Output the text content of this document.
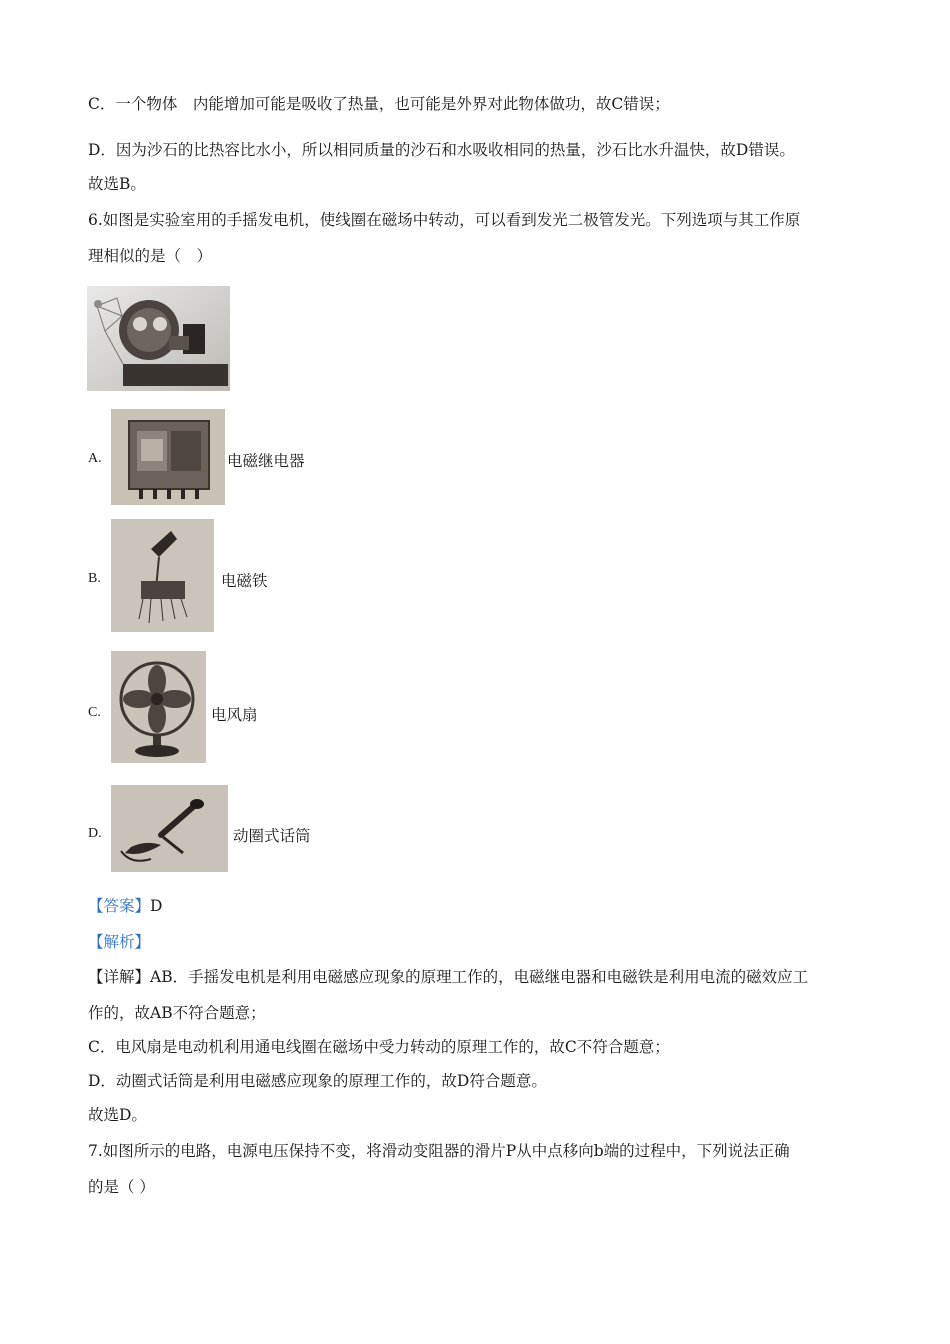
C．一个物体　内能增加可能是吸收了热量，也可能是外界对此物体做功，故C错误；
D．因为沙石的比热容比水小，所以相同质量的沙石和水吸收相同的热量，沙石比水升温快，故D错误。
故选B。
6.如图是实验室用的手摇发电机，使线圈在磁场中转动，可以看到发光二极管发光。下列选项与其工作原
理相似的是（　）
A.	电磁继电器
B.	电磁铁
C.	电风扇
D.	动圈式话筒
【答案】D
【解析】
【详解】AB．手摇发电机是利用电磁感应现象的原理工作的，电磁继电器和电磁铁是利用电流的磁效应工
作的，故AB不符合题意；
C．电风扇是电动机利用通电线圈在磁场中受力转动的原理工作的，故C不符合题意；
D．动圈式话筒是利用电磁感应现象的原理工作的，故D符合题意。
故选D。
7.如图所示的电路，电源电压保持不变，将滑动变阻器的滑片P从中点移向b端的过程中，下列说法正确
的是（ ）
